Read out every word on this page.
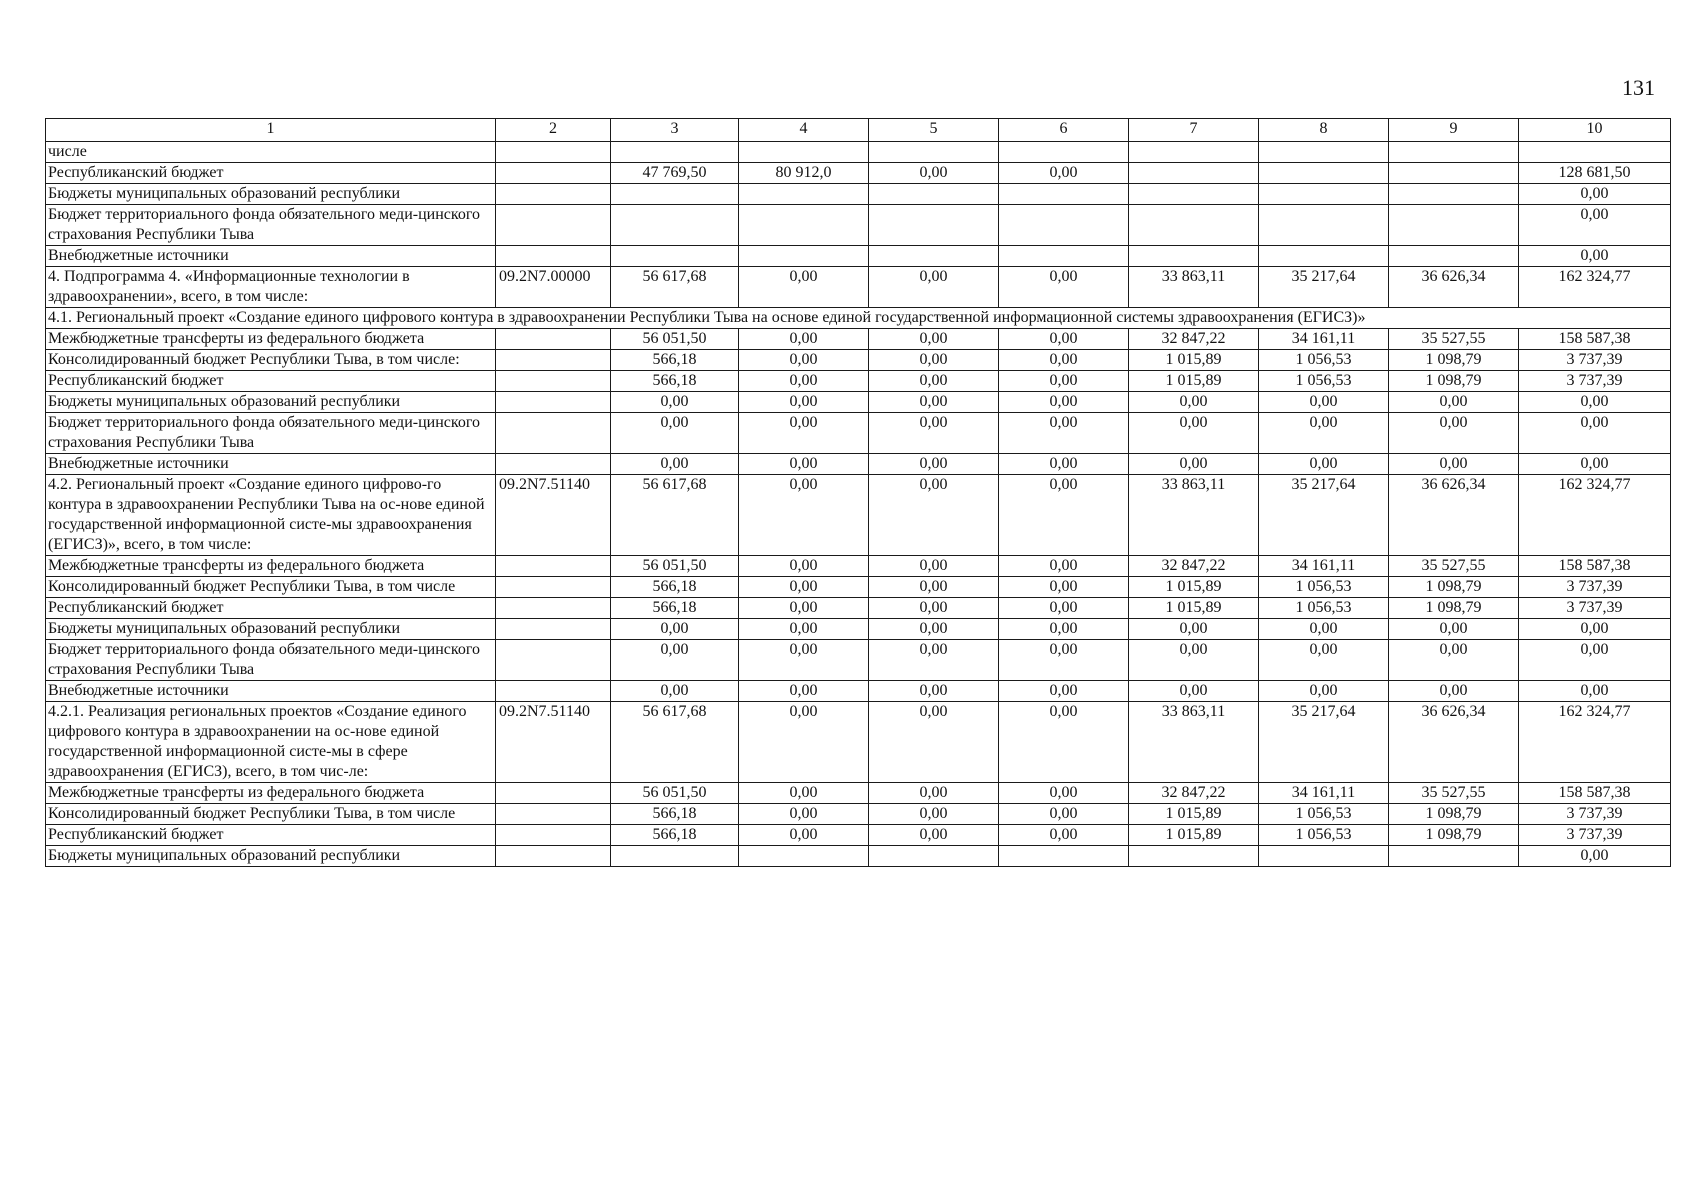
131
1	2	3	4	5	6	7	8	9	10
числе									
Республиканский бюджет		47 769,50	80 912,0	0,00	0,00				128 681,50
Бюджеты муниципальных образований республики									0,00
Бюджет территориального фонда обязательного меди-цинского страхования Республики Тыва									0,00
Внебюджетные источники									0,00
4. Подпрограмма 4. «Информационные технологии в здравоохранении», всего, в том числе:	09.2N7.00000	56 617,68	0,00	0,00	0,00	33 863,11	35 217,64	36 626,34	162 324,77
4.1. Региональный проект «Создание единого цифрового контура в здравоохранении Республики Тыва на основе единой государственной информационной системы здравоохранения (ЕГИСЗ)»									
Межбюджетные трансферты из федерального бюджета		56 051,50	0,00	0,00	0,00	32 847,22	34 161,11	35 527,55	158 587,38
Консолидированный бюджет Республики Тыва, в том числе:		566,18	0,00	0,00	0,00	1 015,89	1 056,53	1 098,79	3 737,39
Республиканский бюджет		566,18	0,00	0,00	0,00	1 015,89	1 056,53	1 098,79	3 737,39
Бюджеты муниципальных образований республики		0,00	0,00	0,00	0,00	0,00	0,00	0,00	0,00
Бюджет территориального фонда обязательного меди-цинского страхования Республики Тыва		0,00	0,00	0,00	0,00	0,00	0,00	0,00	0,00
Внебюджетные источники		0,00	0,00	0,00	0,00	0,00	0,00	0,00	0,00
4.2. Региональный проект «Создание единого цифрово-го контура в здравоохранении Республики Тыва на ос-нове единой государственной информационной систе-мы здравоохранения (ЕГИСЗ)», всего, в том числе:	09.2N7.51140	56 617,68	0,00	0,00	0,00	33 863,11	35 217,64	36 626,34	162 324,77
Межбюджетные трансферты из федерального бюджета		56 051,50	0,00	0,00	0,00	32 847,22	34 161,11	35 527,55	158 587,38
Консолидированный бюджет Республики Тыва, в том числе		566,18	0,00	0,00	0,00	1 015,89	1 056,53	1 098,79	3 737,39
Республиканский бюджет		566,18	0,00	0,00	0,00	1 015,89	1 056,53	1 098,79	3 737,39
Бюджеты муниципальных образований республики		0,00	0,00	0,00	0,00	0,00	0,00	0,00	0,00
Бюджет территориального фонда обязательного меди-цинского страхования Республики Тыва		0,00	0,00	0,00	0,00	0,00	0,00	0,00	0,00
Внебюджетные источники		0,00	0,00	0,00	0,00	0,00	0,00	0,00	0,00
4.2.1. Реализация региональных проектов «Создание единого цифрового контура в здравоохранении на ос-нове единой государственной информационной систе-мы в сфере здравоохранения (ЕГИСЗ), всего, в том чис-ле:	09.2N7.51140	56 617,68	0,00	0,00	0,00	33 863,11	35 217,64	36 626,34	162 324,77
Межбюджетные трансферты из федерального бюджета		56 051,50	0,00	0,00	0,00	32 847,22	34 161,11	35 527,55	158 587,38
Консолидированный бюджет Республики Тыва, в том числе		566,18	0,00	0,00	0,00	1 015,89	1 056,53	1 098,79	3 737,39
Республиканский бюджет		566,18	0,00	0,00	0,00	1 015,89	1 056,53	1 098,79	3 737,39
Бюджеты муниципальных образований республики									0,00
